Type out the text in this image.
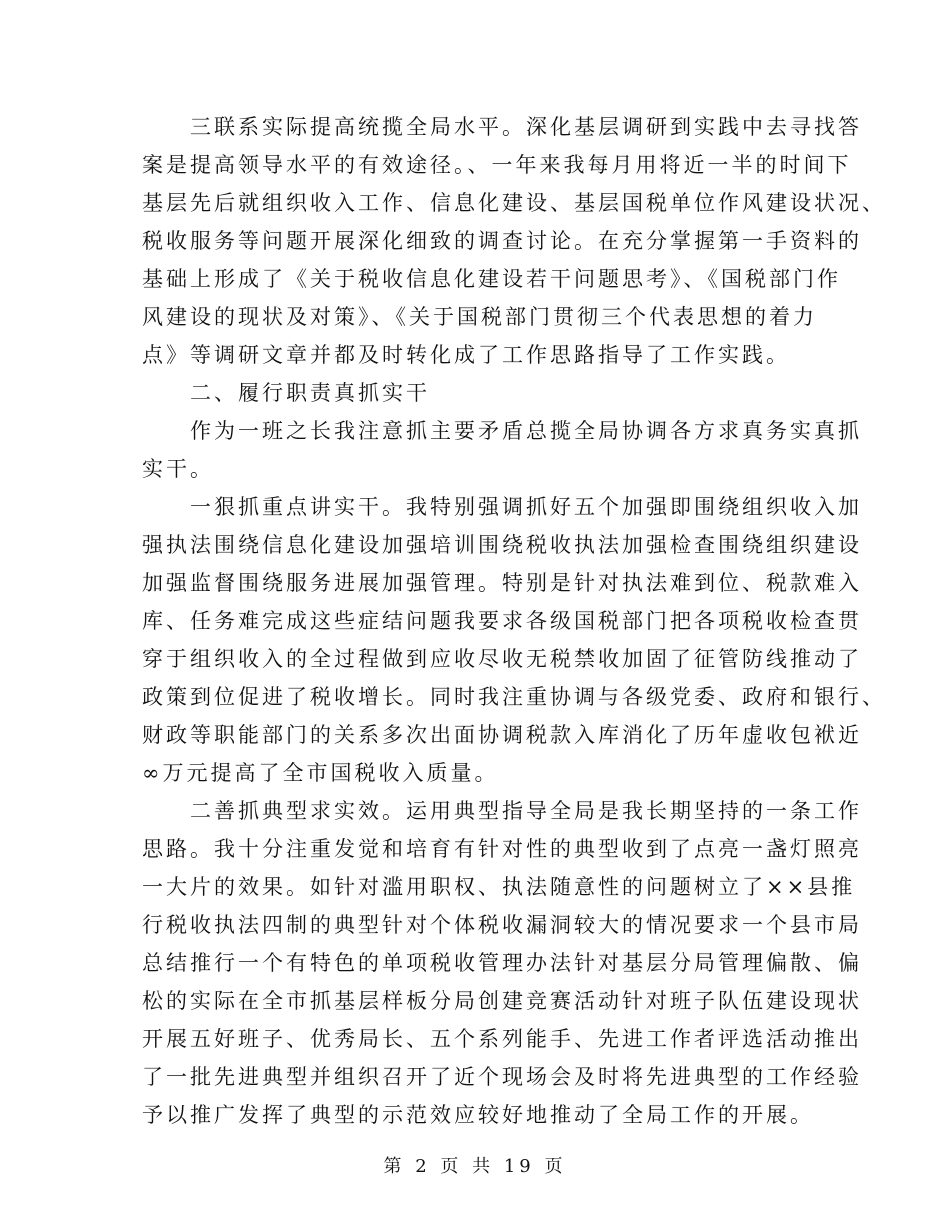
三联系实际提高统揽全局水平。深化基层调研到实践中去寻找答
案是提高领导水平的有效途径。、一年来我每月用将近一半的时间下
基层先后就组织收入工作、信息化建设、基层国税单位作风建设状况、
税收服务等问题开展深化细致的调查讨论。在充分掌握第一手资料的
基础上形成了《关于税收信息化建设若干问题思考》、《国税部门作
风建设的现状及对策》、《关于国税部门贯彻三个代表思想的着力
点》等调研文章并都及时转化成了工作思路指导了工作实践。

二、履行职责真抓实干

作为一班之长我注意抓主要矛盾总揽全局协调各方求真务实真抓
实干。

一狠抓重点讲实干。我特别强调抓好五个加强即围绕组织收入加
强执法围绕信息化建设加强培训围绕税收执法加强检查围绕组织建设
加强监督围绕服务进展加强管理。特别是针对执法难到位、税款难入
库、任务难完成这些症结问题我要求各级国税部门把各项税收检查贯
穿于组织收入的全过程做到应收尽收无税禁收加固了征管防线推动了
政策到位促进了税收增长。同时我注重协调与各级党委、政府和银行、
财政等职能部门的关系多次出面协调税款入库消化了历年虚收包袱近
∞万元提高了全市国税收入质量。

二善抓典型求实效。运用典型指导全局是我长期坚持的一条工作
思路。我十分注重发觉和培育有针对性的典型收到了点亮一盏灯照亮
一大片的效果。如针对滥用职权、执法随意性的问题树立了××县推
行税收执法四制的典型针对个体税收漏洞较大的情况要求一个县市局
总结推行一个有特色的单项税收管理办法针对基层分局管理偏散、偏
松的实际在全市抓基层样板分局创建竞赛活动针对班子队伍建设现状
开展五好班子、优秀局长、五个系列能手、先进工作者评选活动推出
了一批先进典型并组织召开了近个现场会及时将先进典型的工作经验
予以推广发挥了典型的示范效应较好地推动了全局工作的开展。

第 2 页 共 19 页
